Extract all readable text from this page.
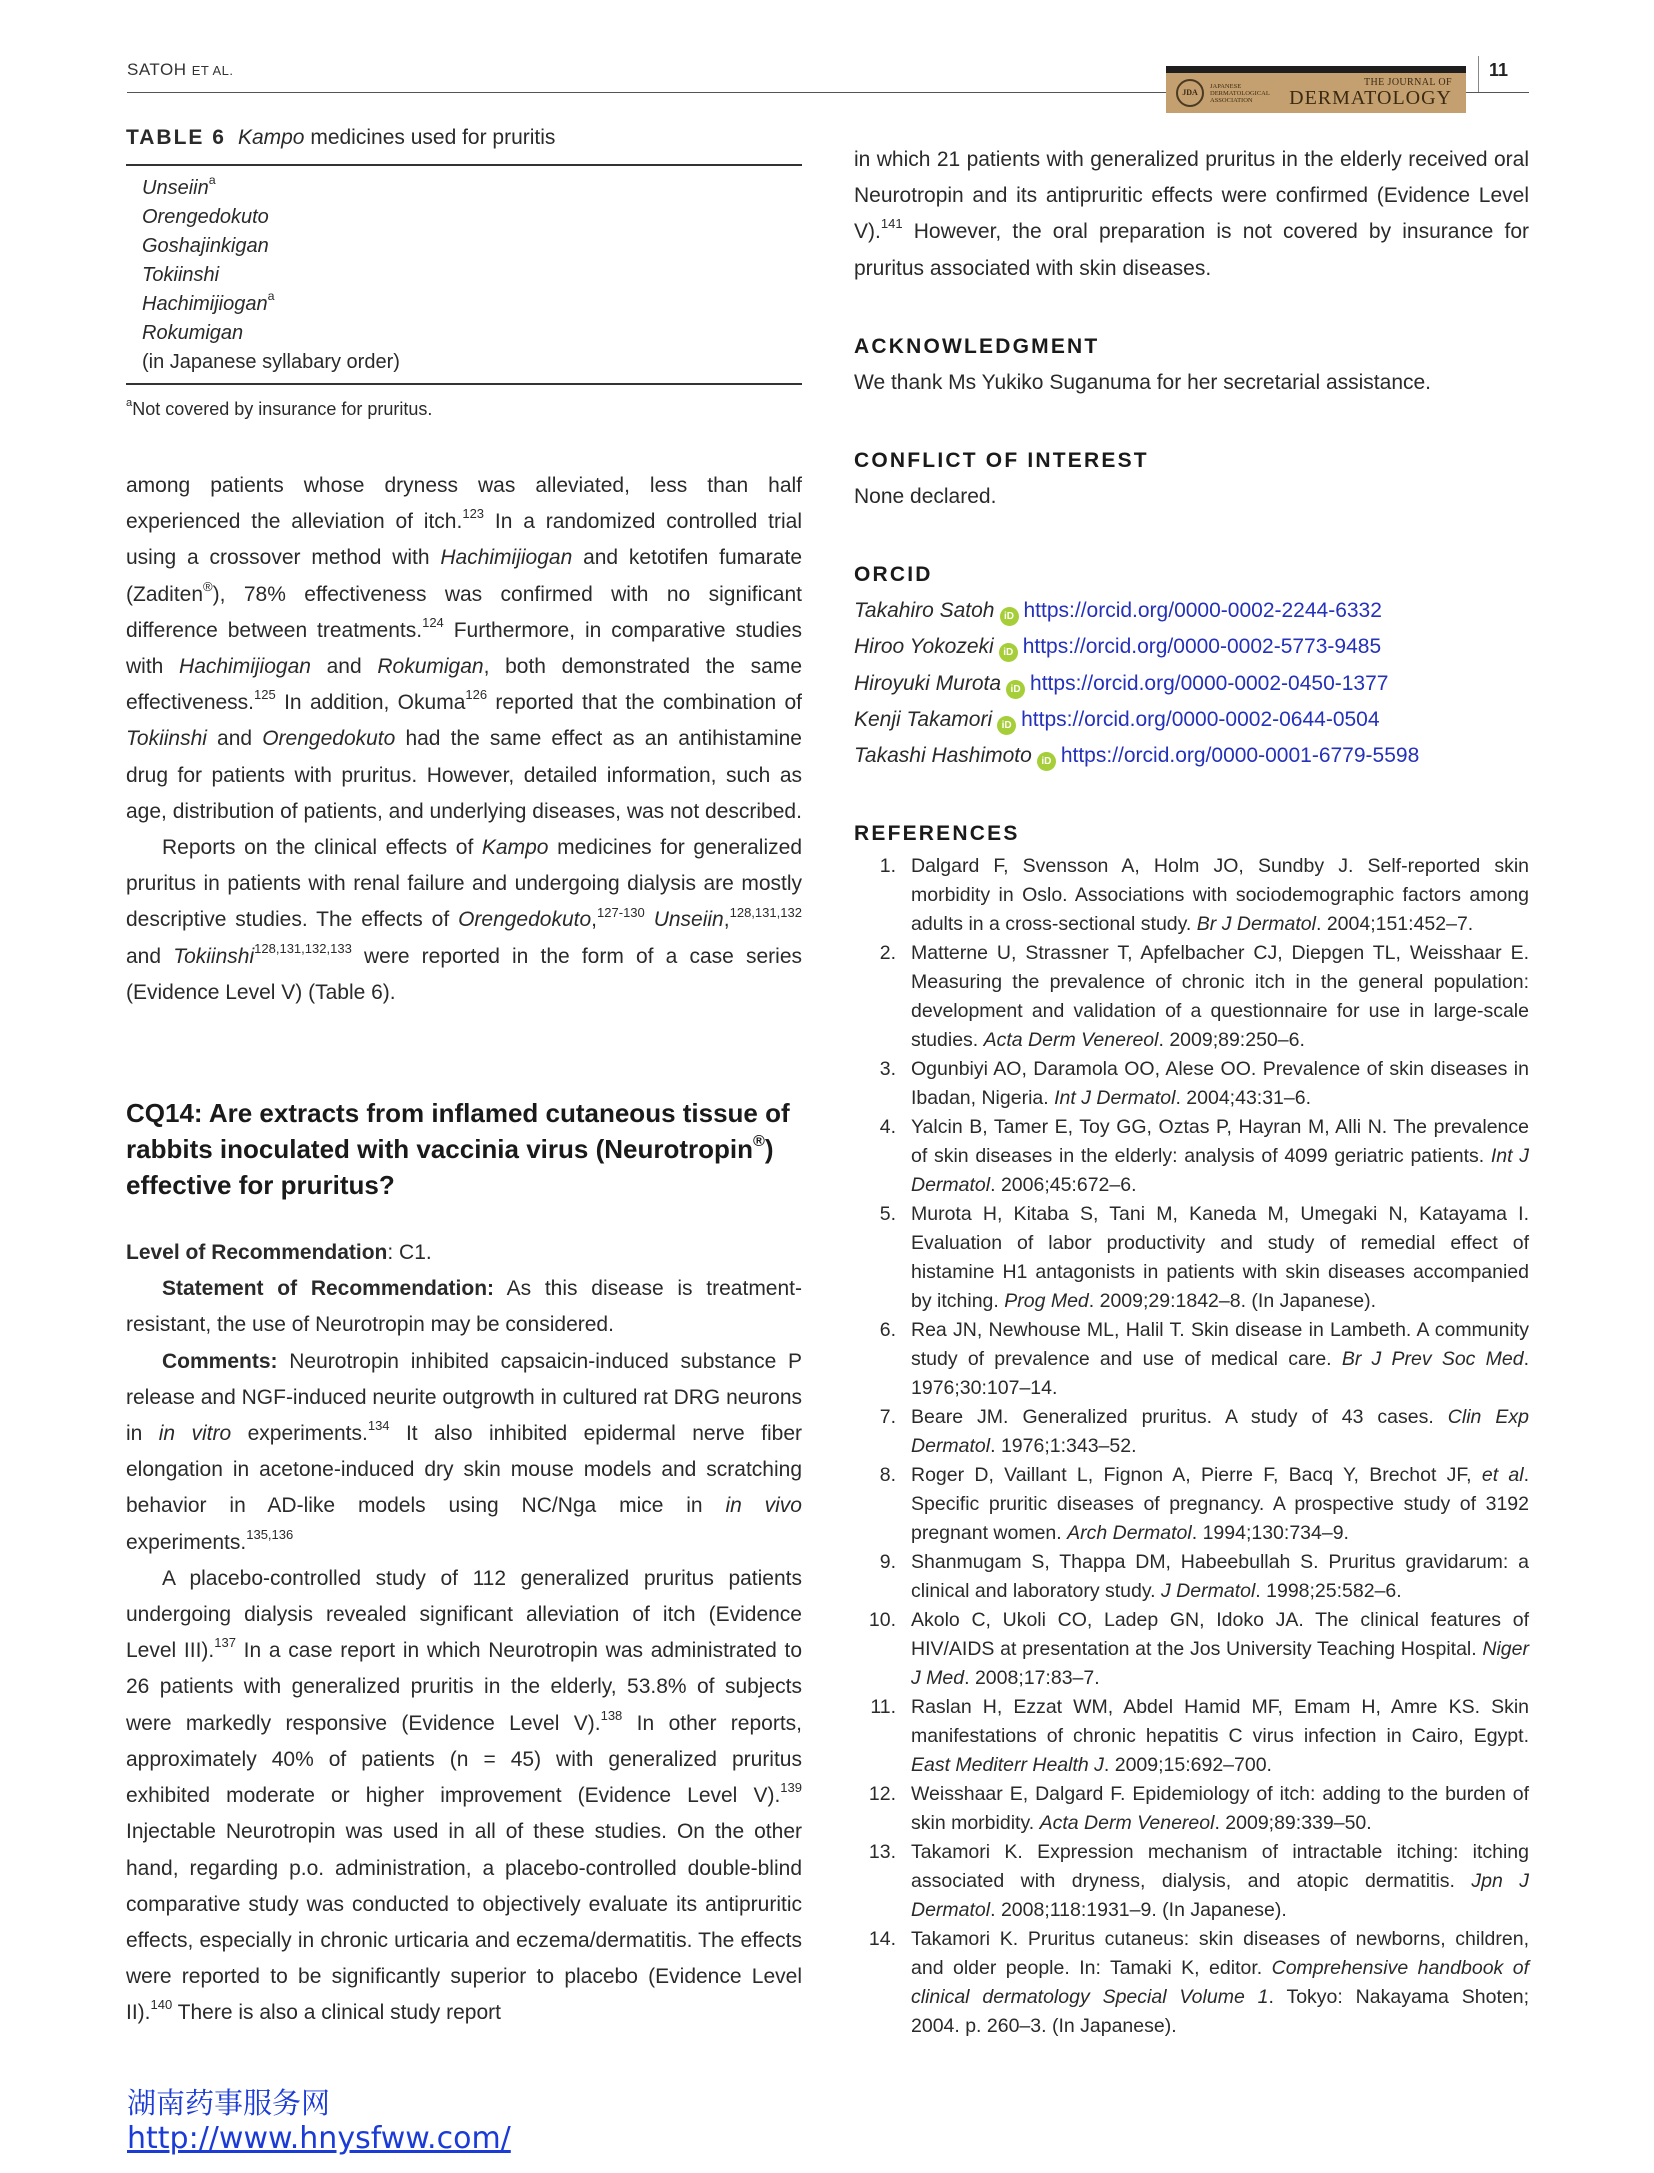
SATOH ET AL.	11
JDA
JAPANESE DERMATOLOGICAL ASSOCIATION
THE JOURNAL OF
DERMATOLOGY
TABLE 6 Kampo medicines used for pruritis
Unseiin$^a$
Orengedokuto
Goshajinkigan
Tokiinshi
Hachimijiogan$^a$
Rokumigan
(in Japanese syllabary order)
$^a$Not covered by insurance for pruritus.

among patients whose dryness was alleviated, less than half experienced the alleviation of itch.$^{123}$ In a randomized controlled trial using a crossover method with Hachimijiogan and ketotifen fumarate (Zaditen®), 78% effectiveness was confirmed with no significant difference between treatments.$^{124}$ Furthermore, in comparative studies with Hachimijiogan and Rokumigan, both demonstrated the same effectiveness.$^{125}$ In addition, Okuma$^{126}$ reported that the combination of Tokiinshi and Orengedokuto had the same effect as an antihistamine drug for patients with pruritus. However, detailed information, such as age, distribution of patients, and underlying diseases, was not described.

Reports on the clinical effects of Kampo medicines for generalized pruritus in patients with renal failure and undergoing dialysis are mostly descriptive studies. The effects of Orengedokuto,$^{127-130}$ Unseiin,$^{128,131,132}$ and Tokiinshi$^{128,131,132,133}$ were reported in the form of a case series (Evidence Level V) (Table 6).

CQ14: Are extracts from inflamed cutaneous tissue of rabbits inoculated with vaccinia virus (Neurotropin®) effective for pruritus?

Level of Recommendation: C1.

Statement of Recommendation: As this disease is treatment-resistant, the use of Neurotropin may be considered.

Comments: Neurotropin inhibited capsaicin-induced substance P release and NGF-induced neurite outgrowth in cultured rat DRG neurons in in vitro experiments.$^{134}$ It also inhibited epidermal nerve fiber elongation in acetone-induced dry skin mouse models and scratching behavior in AD-like models using NC/Nga mice in in vivo experiments.$^{135,136}$

A placebo-controlled study of 112 generalized pruritus patients undergoing dialysis revealed significant alleviation of itch (Evidence Level III).$^{137}$ In a case report in which Neurotropin was administrated to 26 patients with generalized pruritis in the elderly, 53.8% of subjects were markedly responsive (Evidence Level V).$^{138}$ In other reports, approximately 40% of patients (n = 45) with generalized pruritus exhibited moderate or higher improvement (Evidence Level V).$^{139}$ Injectable Neurotropin was used in all of these studies. On the other hand, regarding p.o. administration, a placebo-controlled double-blind comparative study was conducted to objectively evaluate its antipruritic effects, especially in chronic urticaria and eczema/dermatitis. The effects were reported to be significantly superior to placebo (Evidence Level II).$^{140}$ There is also a clinical study report

in which 21 patients with generalized pruritus in the elderly received oral Neurotropin and its antipruritic effects were confirmed (Evidence Level V).$^{141}$ However, the oral preparation is not covered by insurance for pruritus associated with skin diseases.

ACKNOWLEDGMENT
We thank Ms Yukiko Suganuma for her secretarial assistance.
CONFLICT OF INTEREST
None declared.
ORCID
Takahiro Satoh iD https://orcid.org/0000-0002-2244-6332
Hiroo Yokozeki iD https://orcid.org/0000-0002-5773-9485
Hiroyuki Murota iD https://orcid.org/0000-0002-0450-1377
Kenji Takamori iD https://orcid.org/0000-0002-0644-0504
Takashi Hashimoto iD https://orcid.org/0000-0001-6779-5598
REFERENCES
1. Dalgard F, Svensson A, Holm JO, Sundby J. Self-reported skin morbidity in Oslo. Associations with sociodemographic factors among adults in a cross-sectional study. Br J Dermatol. 2004;151:452–7.
2. Matterne U, Strassner T, Apfelbacher CJ, Diepgen TL, Weisshaar E. Measuring the prevalence of chronic itch in the general population: development and validation of a questionnaire for use in large-scale studies. Acta Derm Venereol. 2009;89:250–6.
3. Ogunbiyi AO, Daramola OO, Alese OO. Prevalence of skin diseases in Ibadan, Nigeria. Int J Dermatol. 2004;43:31–6.
4. Yalcin B, Tamer E, Toy GG, Oztas P, Hayran M, Alli N. The prevalence of skin diseases in the elderly: analysis of 4099 geriatric patients. Int J Dermatol. 2006;45:672–6.
5. Murota H, Kitaba S, Tani M, Kaneda M, Umegaki N, Katayama I. Evaluation of labor productivity and study of remedial effect of histamine H1 antagonists in patients with skin diseases accompanied by itching. Prog Med. 2009;29:1842–8. (In Japanese).
6. Rea JN, Newhouse ML, Halil T. Skin disease in Lambeth. A community study of prevalence and use of medical care. Br J Prev Soc Med. 1976;30:107–14.
7. Beare JM. Generalized pruritus. A study of 43 cases. Clin Exp Dermatol. 1976;1:343–52.
8. Roger D, Vaillant L, Fignon A, Pierre F, Bacq Y, Brechot JF, et al. Specific pruritic diseases of pregnancy. A prospective study of 3192 pregnant women. Arch Dermatol. 1994;130:734–9.
9. Shanmugam S, Thappa DM, Habeebullah S. Pruritus gravidarum: a clinical and laboratory study. J Dermatol. 1998;25:582–6.
10. Akolo C, Ukoli CO, Ladep GN, Idoko JA. The clinical features of HIV/AIDS at presentation at the Jos University Teaching Hospital. Niger J Med. 2008;17:83–7.
11. Raslan H, Ezzat WM, Abdel Hamid MF, Emam H, Amre KS. Skin manifestations of chronic hepatitis C virus infection in Cairo, Egypt. East Mediterr Health J. 2009;15:692–700.
12. Weisshaar E, Dalgard F. Epidemiology of itch: adding to the burden of skin morbidity. Acta Derm Venereol. 2009;89:339–50.
13. Takamori K. Expression mechanism of intractable itching: itching associated with dryness, dialysis, and atopic dermatitis. Jpn J Dermatol. 2008;118:1931–9. (In Japanese).
14. Takamori K. Pruritus cutaneus: skin diseases of newborns, children, and older people. In: Tamaki K, editor. Comprehensive handbook of clinical dermatology Special Volume 1. Tokyo: Nakayama Shoten; 2004. p. 260–3. (In Japanese).
湖南药事服务网
http://www.hnysfww.com/
